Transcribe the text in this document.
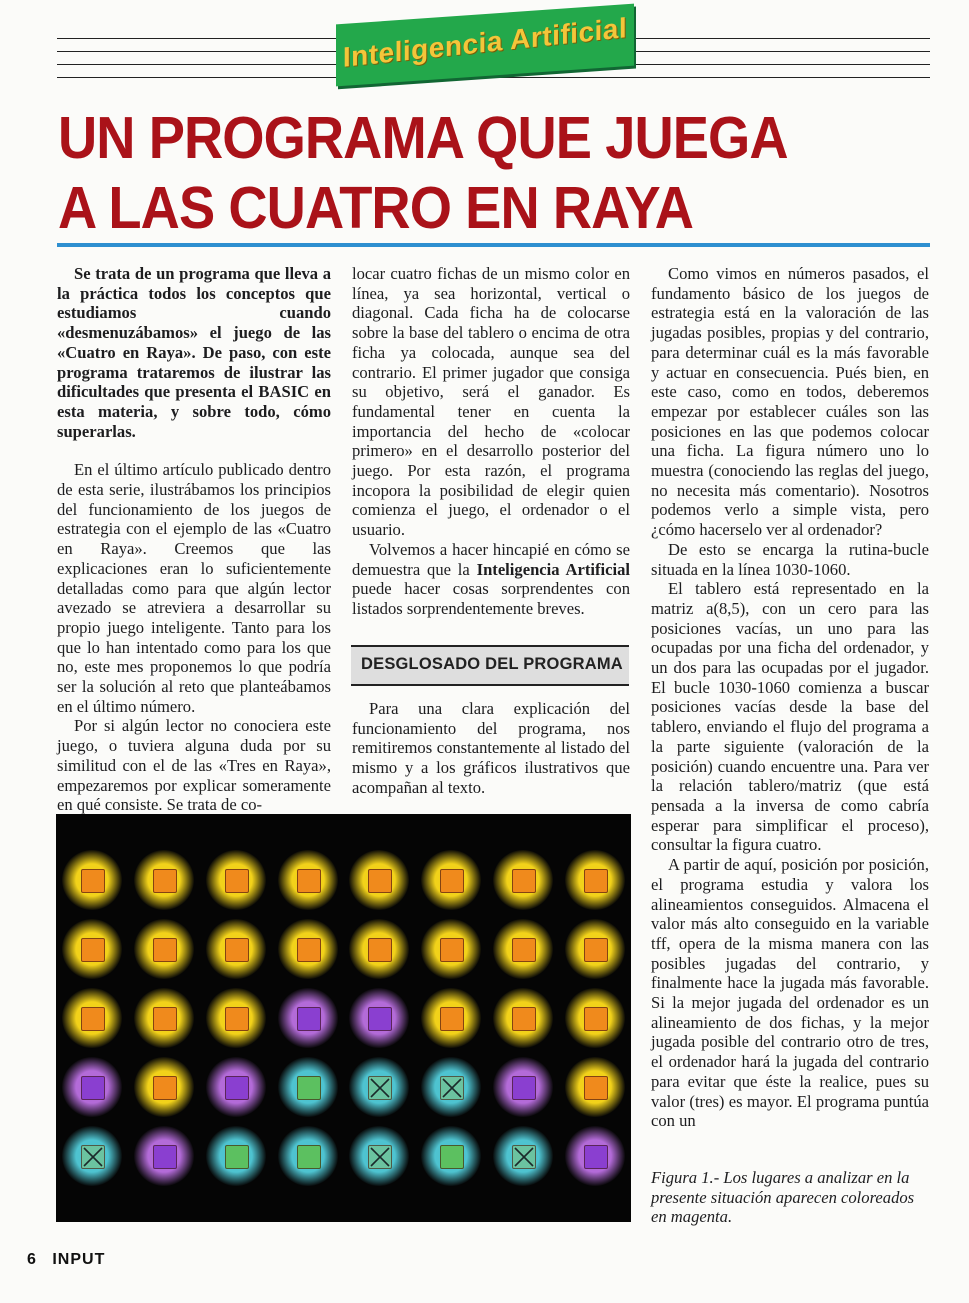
Inteligencia Artificial
UN PROGRAMA QUE JUEGA
A LAS CUATRO EN RAYA

Se trata de un programa que lleva a la práctica todos los conceptos que estudiamos cuando «desmenuzábamos» el juego de las «Cuatro en Raya». De paso, con este programa trataremos de ilustrar las dificultades que presenta el BASIC en esta materia, y sobre todo, cómo superarlas.

En el último artículo publicado dentro de esta serie, ilustrábamos los principios del funcionamiento de los juegos de estrategia con el ejemplo de las «Cuatro en Raya». Creemos que las explicaciones eran lo suficientemente detalladas como para que algún lector avezado se atreviera a desarrollar su propio juego inteligente. Tanto para los que lo han intentado como para los que no, este mes proponemos lo que podría ser la solución al reto que planteábamos en el último número.

Por si algún lector no conociera este juego, o tuviera alguna duda por su similitud con el de las «Tres en Raya», empezaremos por explicar someramente en qué consiste. Se trata de co-

locar cuatro fichas de un mismo color en línea, ya sea horizontal, vertical o diagonal. Cada ficha ha de colocarse sobre la base del tablero o encima de otra ficha ya colocada, aunque sea del contrario. El primer jugador que consiga su objetivo, será el ganador. Es fundamental tener en cuenta la importancia del hecho de «colocar primero» en el desarrollo posterior del juego. Por esta razón, el programa incopora la posibilidad de elegir quien comienza el juego, el ordenador o el usuario.

Volvemos a hacer hincapié en cómo se demuestra que la Inteligencia Artificial puede hacer cosas sorprendentes con listados sorprendentemente breves.

DESGLOSADO DEL PROGRAMA

Para una clara explicación del funcionamiento del programa, nos remitiremos constantemente al listado del mismo y a los gráficos ilustrativos que acompañan al texto.

Como vimos en números pasados, el fundamento básico de los juegos de estrategia está en la valoración de las jugadas posibles, propias y del contrario, para determinar cuál es la más favorable y actuar en consecuencia. Pués bien, en este caso, como en todos, deberemos empezar por establecer cuáles son las posiciones en las que podemos colocar una ficha. La figura número uno lo muestra (conociendo las reglas del juego, no necesita más comentario). Nosotros podemos verlo a simple vista, pero ¿cómo hacerselo ver al ordenador?

De esto se encarga la rutina-bucle situada en la línea 1030-1060.

El tablero está representado en la matriz a(8,5), con un cero para las posiciones vacías, un uno para las ocupadas por una ficha del ordenador, y un dos para las ocupadas por el jugador. El bucle 1030-1060 comienza a buscar posiciones vacías desde la base del tablero, enviando el flujo del programa a la parte siguiente (valoración de la posición) cuando encuentre una. Para ver la relación tablero/matriz (que está pensada a la inversa de como cabría esperar para simplificar el proceso), consultar la figura cuatro.

A partir de aquí, posición por posición, el programa estudia y valora los alineamientos conseguidos. Almacena el valor más alto conseguido en la variable tff, opera de la misma manera con las posibles jugadas del contrario, y finalmente hace la jugada más favorable. Si la mejor jugada del ordenador es un alineamiento de dos fichas, y la mejor jugada posible del contrario otro de tres, el ordenador hará la jugada del contrario para evitar que éste la realice, pues su valor (tres) es mayor. El programa puntúa con un

Figura 1.- Los lugares a analizar en la presente situación aparecen coloreados en magenta.
6 INPUT
